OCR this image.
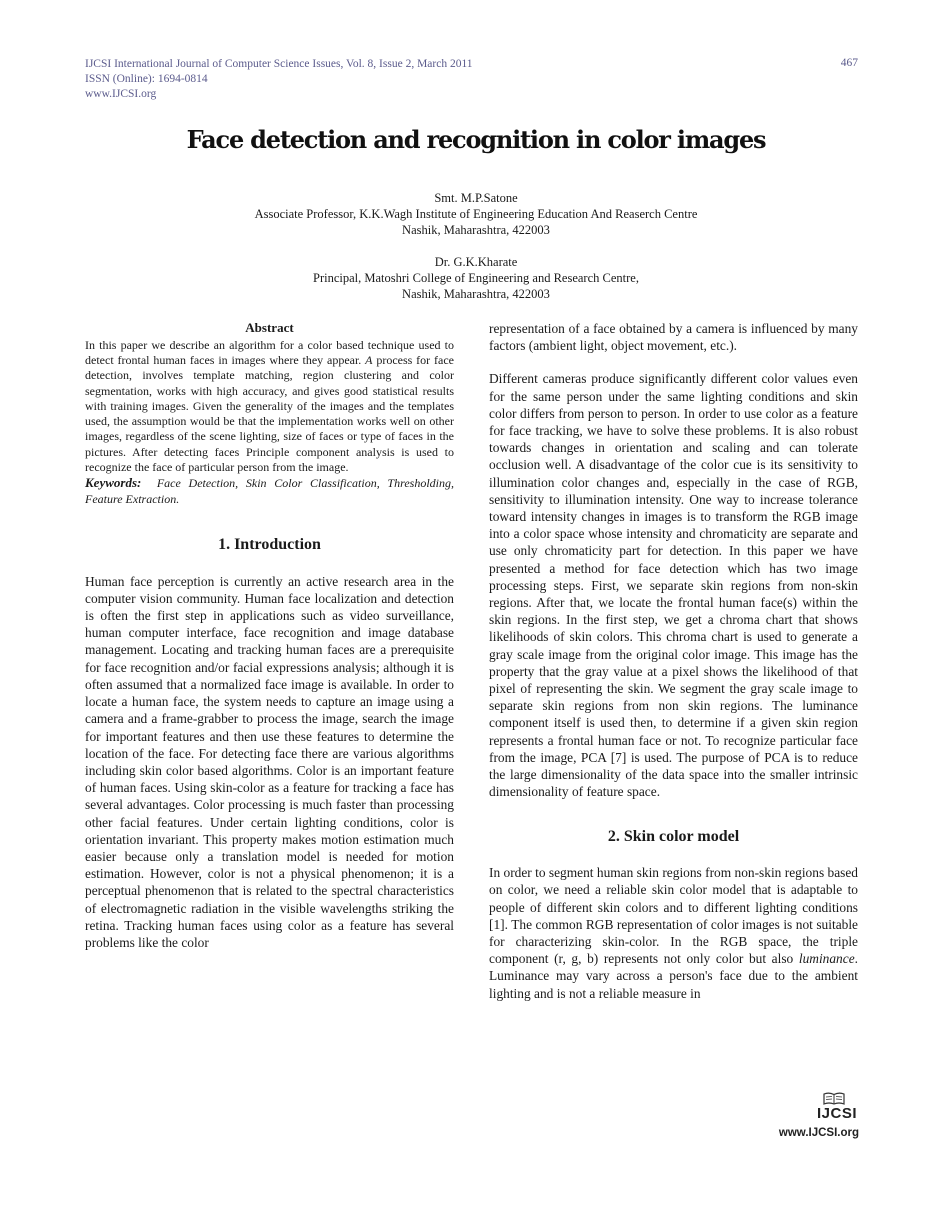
IJCSI International Journal of Computer Science Issues, Vol. 8, Issue 2, March 2011
ISSN (Online): 1694-0814
www.IJCSI.org
467
Face detection and recognition in color images
Smt. M.P.Satone
Associate Professor, K.K.Wagh Institute of Engineering Education And Reaserch Centre
Nashik, Maharashtra, 422003
Dr. G.K.Kharate
Principal, Matoshri College of Engineering and Research Centre,
Nashik, Maharashtra, 422003
Abstract

In this paper we describe an algorithm for a color based technique used to detect frontal human faces in images where they appear. A process for face detection, involves template matching, region clustering and color segmentation, works with high accuracy, and gives good statistical results with training images. Given the generality of the images and the templates used, the assumption would be that the implementation works well on other images, regardless of the scene lighting, size of faces or type of faces in the pictures. After detecting faces Principle component analysis is used to recognize the face of particular person from the image.

Keywords: Face Detection, Skin Color Classification, Thresholding, Feature Extraction.

1. Introduction

Human face perception is currently an active research area in the computer vision community. Human face localization and detection is often the first step in applications such as video surveillance, human computer interface, face recognition and image database management. Locating and tracking human faces are a prerequisite for face recognition and/or facial expressions analysis; although it is often assumed that a normalized face image is available. In order to locate a human face, the system needs to capture an image using a camera and a frame-grabber to process the image, search the image for important features and then use these features to determine the location of the face. For detecting face there are various algorithms including skin color based algorithms. Color is an important feature of human faces. Using skin-color as a feature for tracking a face has several advantages. Color processing is much faster than processing other facial features. Under certain lighting conditions, color is orientation invariant. This property makes motion estimation much easier because only a translation model is needed for motion estimation. However, color is not a physical phenomenon; it is a perceptual phenomenon that is related to the spectral characteristics of electromagnetic radiation in the visible wavelengths striking the retina. Tracking human faces using color as a feature has several problems like the color

representation of a face obtained by a camera is influenced by many factors (ambient light, object movement, etc.).

Different cameras produce significantly different color values even for the same person under the same lighting conditions and skin color differs from person to person. In order to use color as a feature for face tracking, we have to solve these problems. It is also robust towards changes in orientation and scaling and can tolerate occlusion well. A disadvantage of the color cue is its sensitivity to illumination color changes and, especially in the case of RGB, sensitivity to illumination intensity. One way to increase tolerance toward intensity changes in images is to transform the RGB image into a color space whose intensity and chromaticity are separate and use only chromaticity part for detection. In this paper we have presented a method for face detection which has two image processing steps. First, we separate skin regions from non-skin regions. After that, we locate the frontal human face(s) within the skin regions. In the first step, we get a chroma chart that shows likelihoods of skin colors. This chroma chart is used to generate a gray scale image from the original color image. This image has the property that the gray value at a pixel shows the likelihood of that pixel of representing the skin. We segment the gray scale image to separate skin regions from non skin regions. The luminance component itself is used then, to determine if a given skin region represents a frontal human face or not. To recognize particular face from the image, PCA [7] is used. The purpose of PCA is to reduce the large dimensionality of the data space into the smaller intrinsic dimensionality of feature space.

2. Skin color model

In order to segment human skin regions from non-skin regions based on color, we need a reliable skin color model that is adaptable to people of different skin colors and to different lighting conditions [1]. The common RGB representation of color images is not suitable for characterizing skin-color. In the RGB space, the triple component (r, g, b) represents not only color but also luminance. Luminance may vary across a person's face due to the ambient lighting and is not a reliable measure in

IJCSI
www.IJCSI.org
